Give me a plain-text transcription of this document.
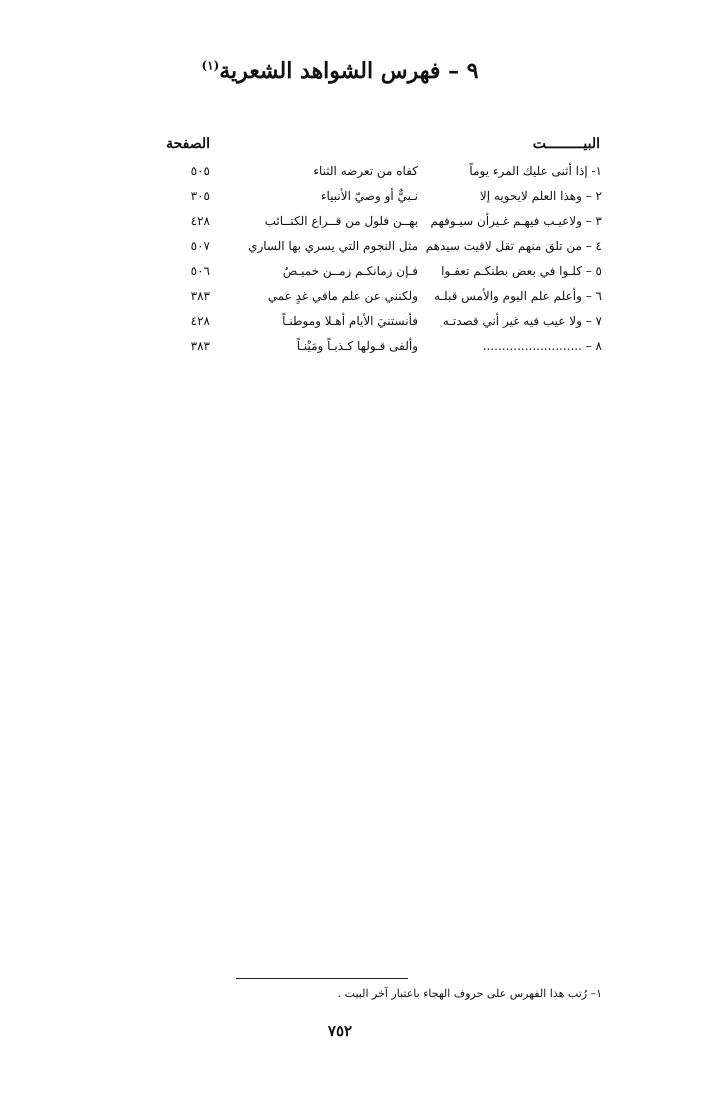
٩ – فهرس الشواهد الشعرية$^{(١)}$
البيـــــــــت
الصفحة
١- إذا أثنى عليك المرء يوماً
كفاه من تعرضه الثناء
٥٠٥
٢ – وهذا العلم لايحويه إلا
نـبيٌّ أو وصيّ الأنبياء
٣٠٥
٣ – ولاعيـب فيهـم غـيرأن سيـوفهم
بهــن فلول من قــراع الكتــائب
٤٢٨
٤ – من تلق منهم تقل لاقيت سيدهم
مثل النجوم التي يسري بها الساري
٥٠٧
٥ – كلـوا في بعض بطنكـم تعفـوا
فـإن زمانكـم زمــن خميـصُ
٥٠٦
٦ – وأعلم علم اليوم والأمس قبلـه
ولكنني عن علم مافي غدٍ عمي
٣٨٣
٧ – ولا عيب فيه غير أني قصدتـه
فأنستنيَ الأيام أهـلا وموطنـاً
٤٢٨
٨ – ..........................
وألفى قـولها كـذبـاً ومَيْنـاً
٣٨٣
١– رُتب هذا الفهرس على حروف الهجاء باعتبار آخر البيت .
٧٥٢
